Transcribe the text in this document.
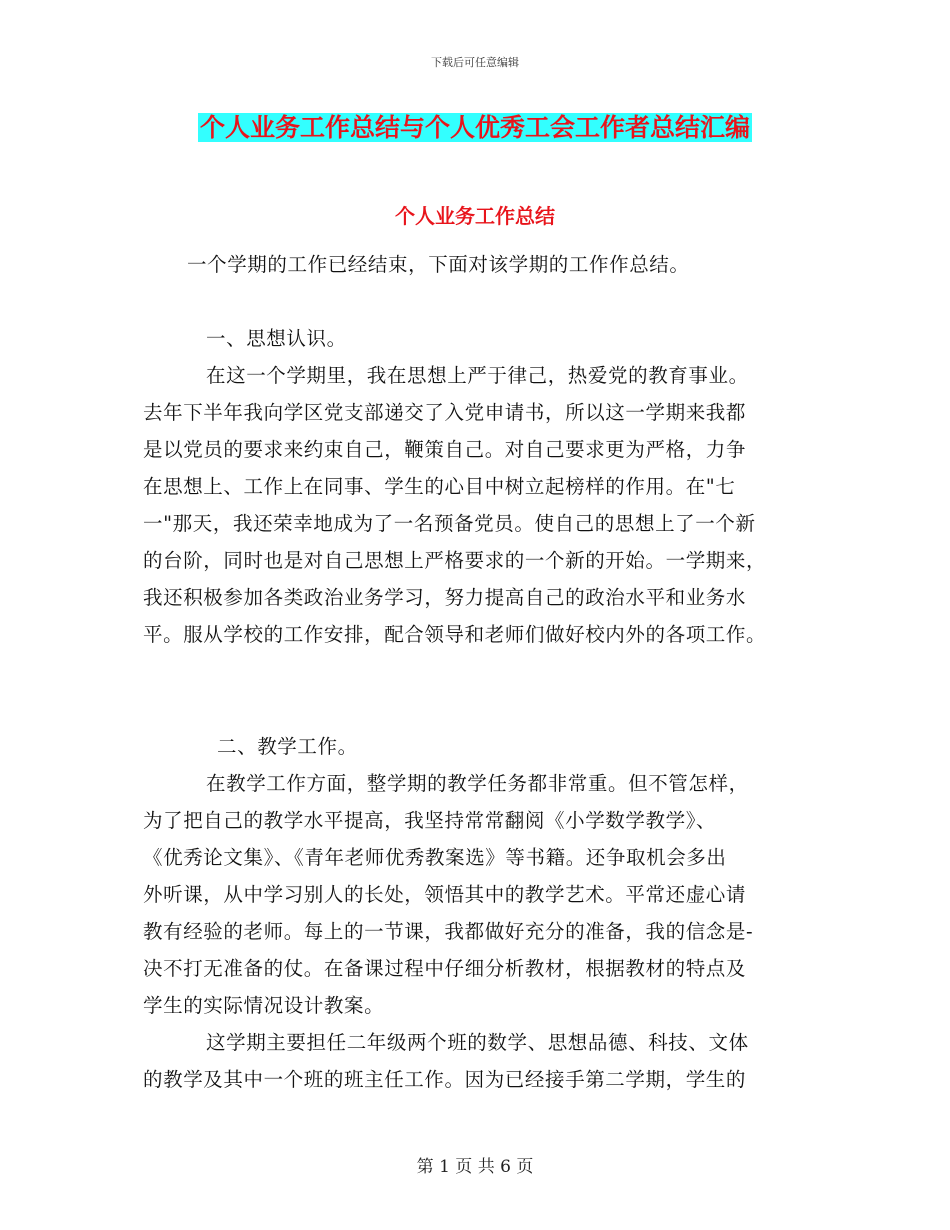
下载后可任意编辑
个人业务工作总结与个人优秀工会工作者总结汇编
个人业务工作总结
一个学期的工作已经结束，下面对该学期的工作作总结。
一、思想认识。
在这一个学期里，我在思想上严于律己，热爱党的教育事业。
去年下半年我向学区党支部递交了入党申请书，所以这一学期来我都
是以党员的要求来约束自己，鞭策自己。对自己要求更为严格，力争
在思想上、工作上在同事、学生的心目中树立起榜样的作用。在"七
一"那天，我还荣幸地成为了一名预备党员。使自己的思想上了一个新
的台阶，同时也是对自己思想上严格要求的一个新的开始。一学期来，
我还积极参加各类政治业务学习，努力提高自己的政治水平和业务水
平。服从学校的工作安排，配合领导和老师们做好校内外的各项工作。
二、教学工作。
在教学工作方面，整学期的教学任务都非常重。但不管怎样，
为了把自己的教学水平提高，我坚持常常翻阅《小学数学教学》、
《优秀论文集》、《青年老师优秀教案选》等书籍。还争取机会多出
外听课，从中学习别人的长处，领悟其中的教学艺术。平常还虚心请
教有经验的老师。每上的一节课，我都做好充分的准备，我的信念是-
决不打无准备的仗。在备课过程中仔细分析教材，根据教材的特点及
学生的实际情况设计教案。
这学期主要担任二年级两个班的数学、思想品德、科技、文体
的教学及其中一个班的班主任工作。因为已经接手第二学期，学生的
第 1 页 共 6 页
